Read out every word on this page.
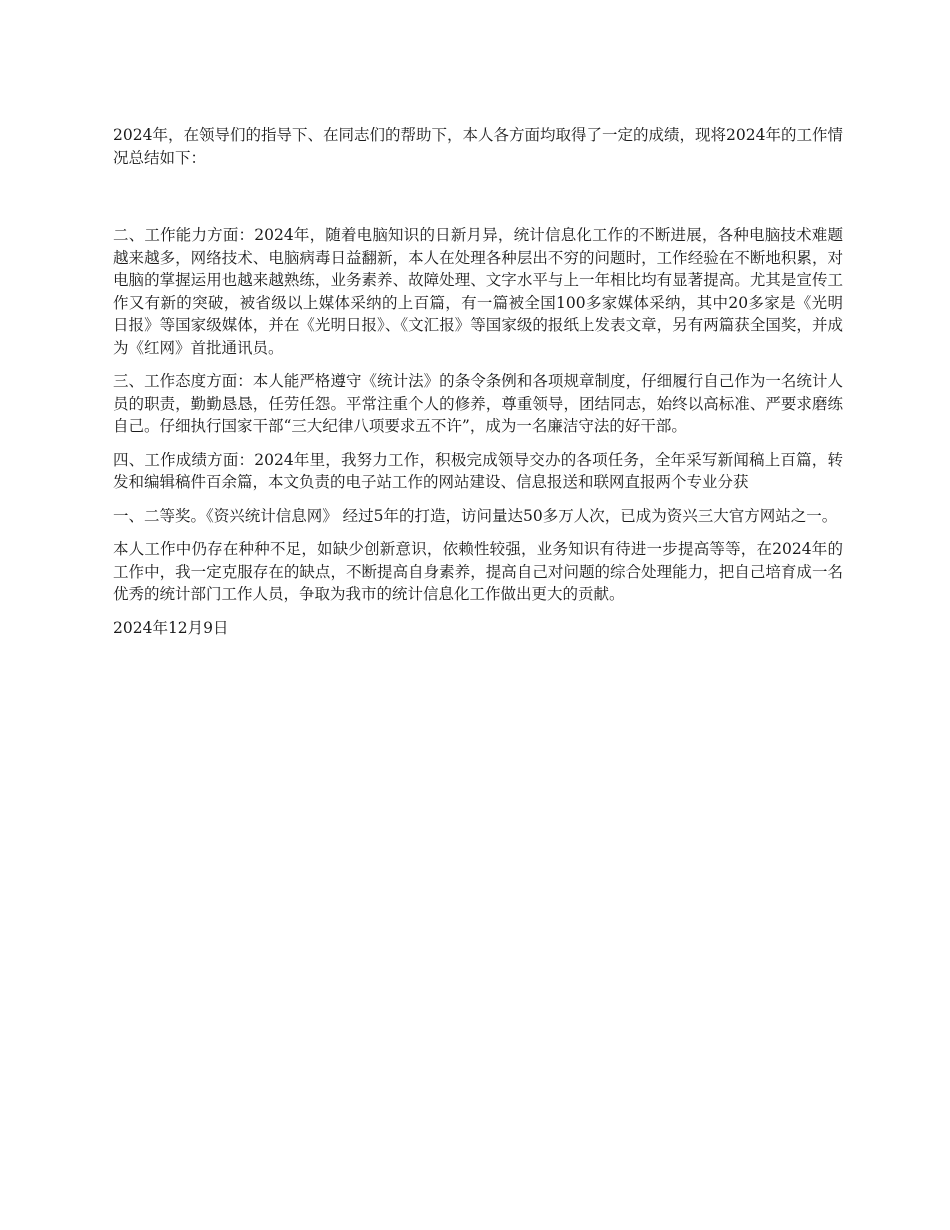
2024年，在领导们的指导下、在同志们的帮助下，本人各方面均取得了一定的成绩，现将2024年的工作情况总结如下：

二、工作能力方面：2024年，随着电脑知识的日新月异，统计信息化工作的不断进展，各种电脑技术难题越来越多，网络技术、电脑病毒日益翻新，本人在处理各种层出不穷的问题时，工作经验在不断地积累，对电脑的掌握运用也越来越熟练，业务素养、故障处理、文字水平与上一年相比均有显著提高。尤其是宣传工作又有新的突破，被省级以上媒体采纳的上百篇，有一篇被全国100多家媒体采纳，其中20多家是《光明日报》等国家级媒体，并在《光明日报》、《文汇报》等国家级的报纸上发表文章，另有两篇获全国奖，并成为《红网》首批通讯员。

三、工作态度方面：本人能严格遵守《统计法》的条令条例和各项规章制度，仔细履行自己作为一名统计人员的职责，勤勤恳恳，任劳任怨。平常注重个人的修养，尊重领导，团结同志，始终以高标准、严要求磨练自己。仔细执行国家干部“三大纪律八项要求五不许”，成为一名廉洁守法的好干部。

四、工作成绩方面：2024年里，我努力工作，积极完成领导交办的各项任务，全年采写新闻稿上百篇，转发和编辑稿件百余篇，本文负责的电子站工作的网站建设、信息报送和联网直报两个专业分获

一、二等奖。《资兴统计信息网》 经过5年的打造，访问量达50多万人次，已成为资兴三大官方网站之一。

本人工作中仍存在种种不足，如缺少创新意识，依赖性较强，业务知识有待进一步提高等等，在2024年的工作中，我一定克服存在的缺点，不断提高自身素养，提高自己对问题的综合处理能力，把自己培育成一名优秀的统计部门工作人员，争取为我市的统计信息化工作做出更大的贡献。

2024年12月9日
